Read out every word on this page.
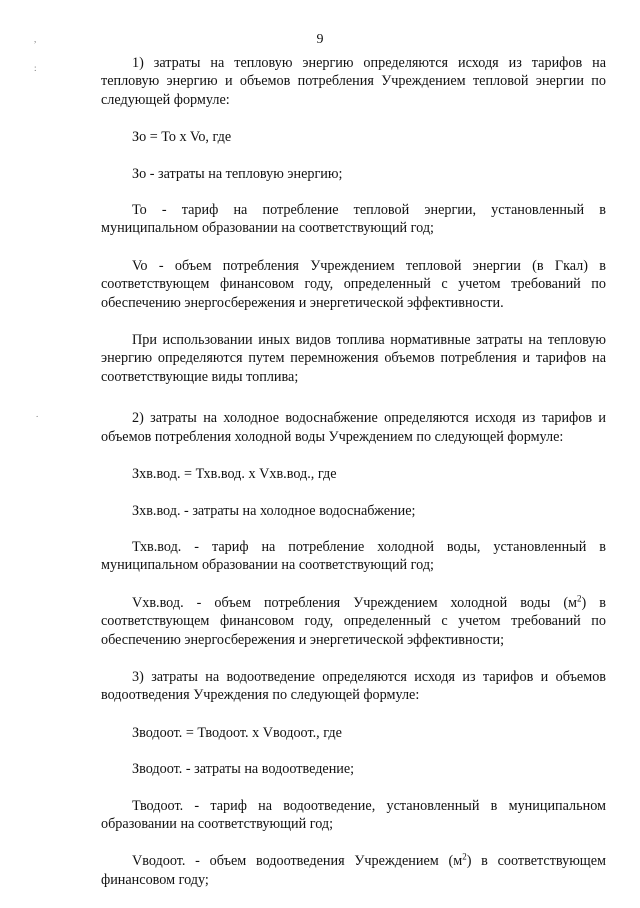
,
:
.
9

1) затраты на тепловую энергию определяются исходя из тарифов на тепловую энергию и объемов потребления Учреждением тепловой энергии по следующей формуле:

Зо = То x Vo, где

Зо - затраты на тепловую энергию;

То - тариф на потребление тепловой энергии, установленный в муниципальном образовании на соответствующий год;

Vo - объем потребления Учреждением тепловой энергии (в Гкал) в соответствующем финансовом году, определенный с учетом требований по обеспечению энергосбережения и энергетической эффективности.

При использовании иных видов топлива нормативные затраты на тепловую энергию определяются путем перемножения объемов потребления и тарифов на соответствующие виды топлива;

2) затраты на холодное водоснабжение определяются исходя из тарифов и объемов потребления холодной воды Учреждением по следующей формуле:

Зхв.вод. = Тхв.вод. х Vхв.вод., где

Зхв.вод. - затраты на холодное водоснабжение;

Тхв.вод. - тариф на потребление холодной воды, установленный в муниципальном образовании на соответствующий год;

Vхв.вод. - объем потребления Учреждением холодной воды $(м^2)$ в соответствующем финансовом году, определенный с учетом требований по обеспечению энергосбережения и энергетической эффективности;

3) затраты на водоотведение определяются исходя из тарифов и объемов водоотведения Учреждения по следующей формуле:

Зводоот. = Тводоот. х Vводоот., где

Зводоот. - затраты на водоотведение;

Тводоот. - тариф на водоотведение, установленный в муниципальном образовании на соответствующий год;

Vводоот. - объем водоотведения Учреждением $(м^2)$ в соответствующем финансовом году;
